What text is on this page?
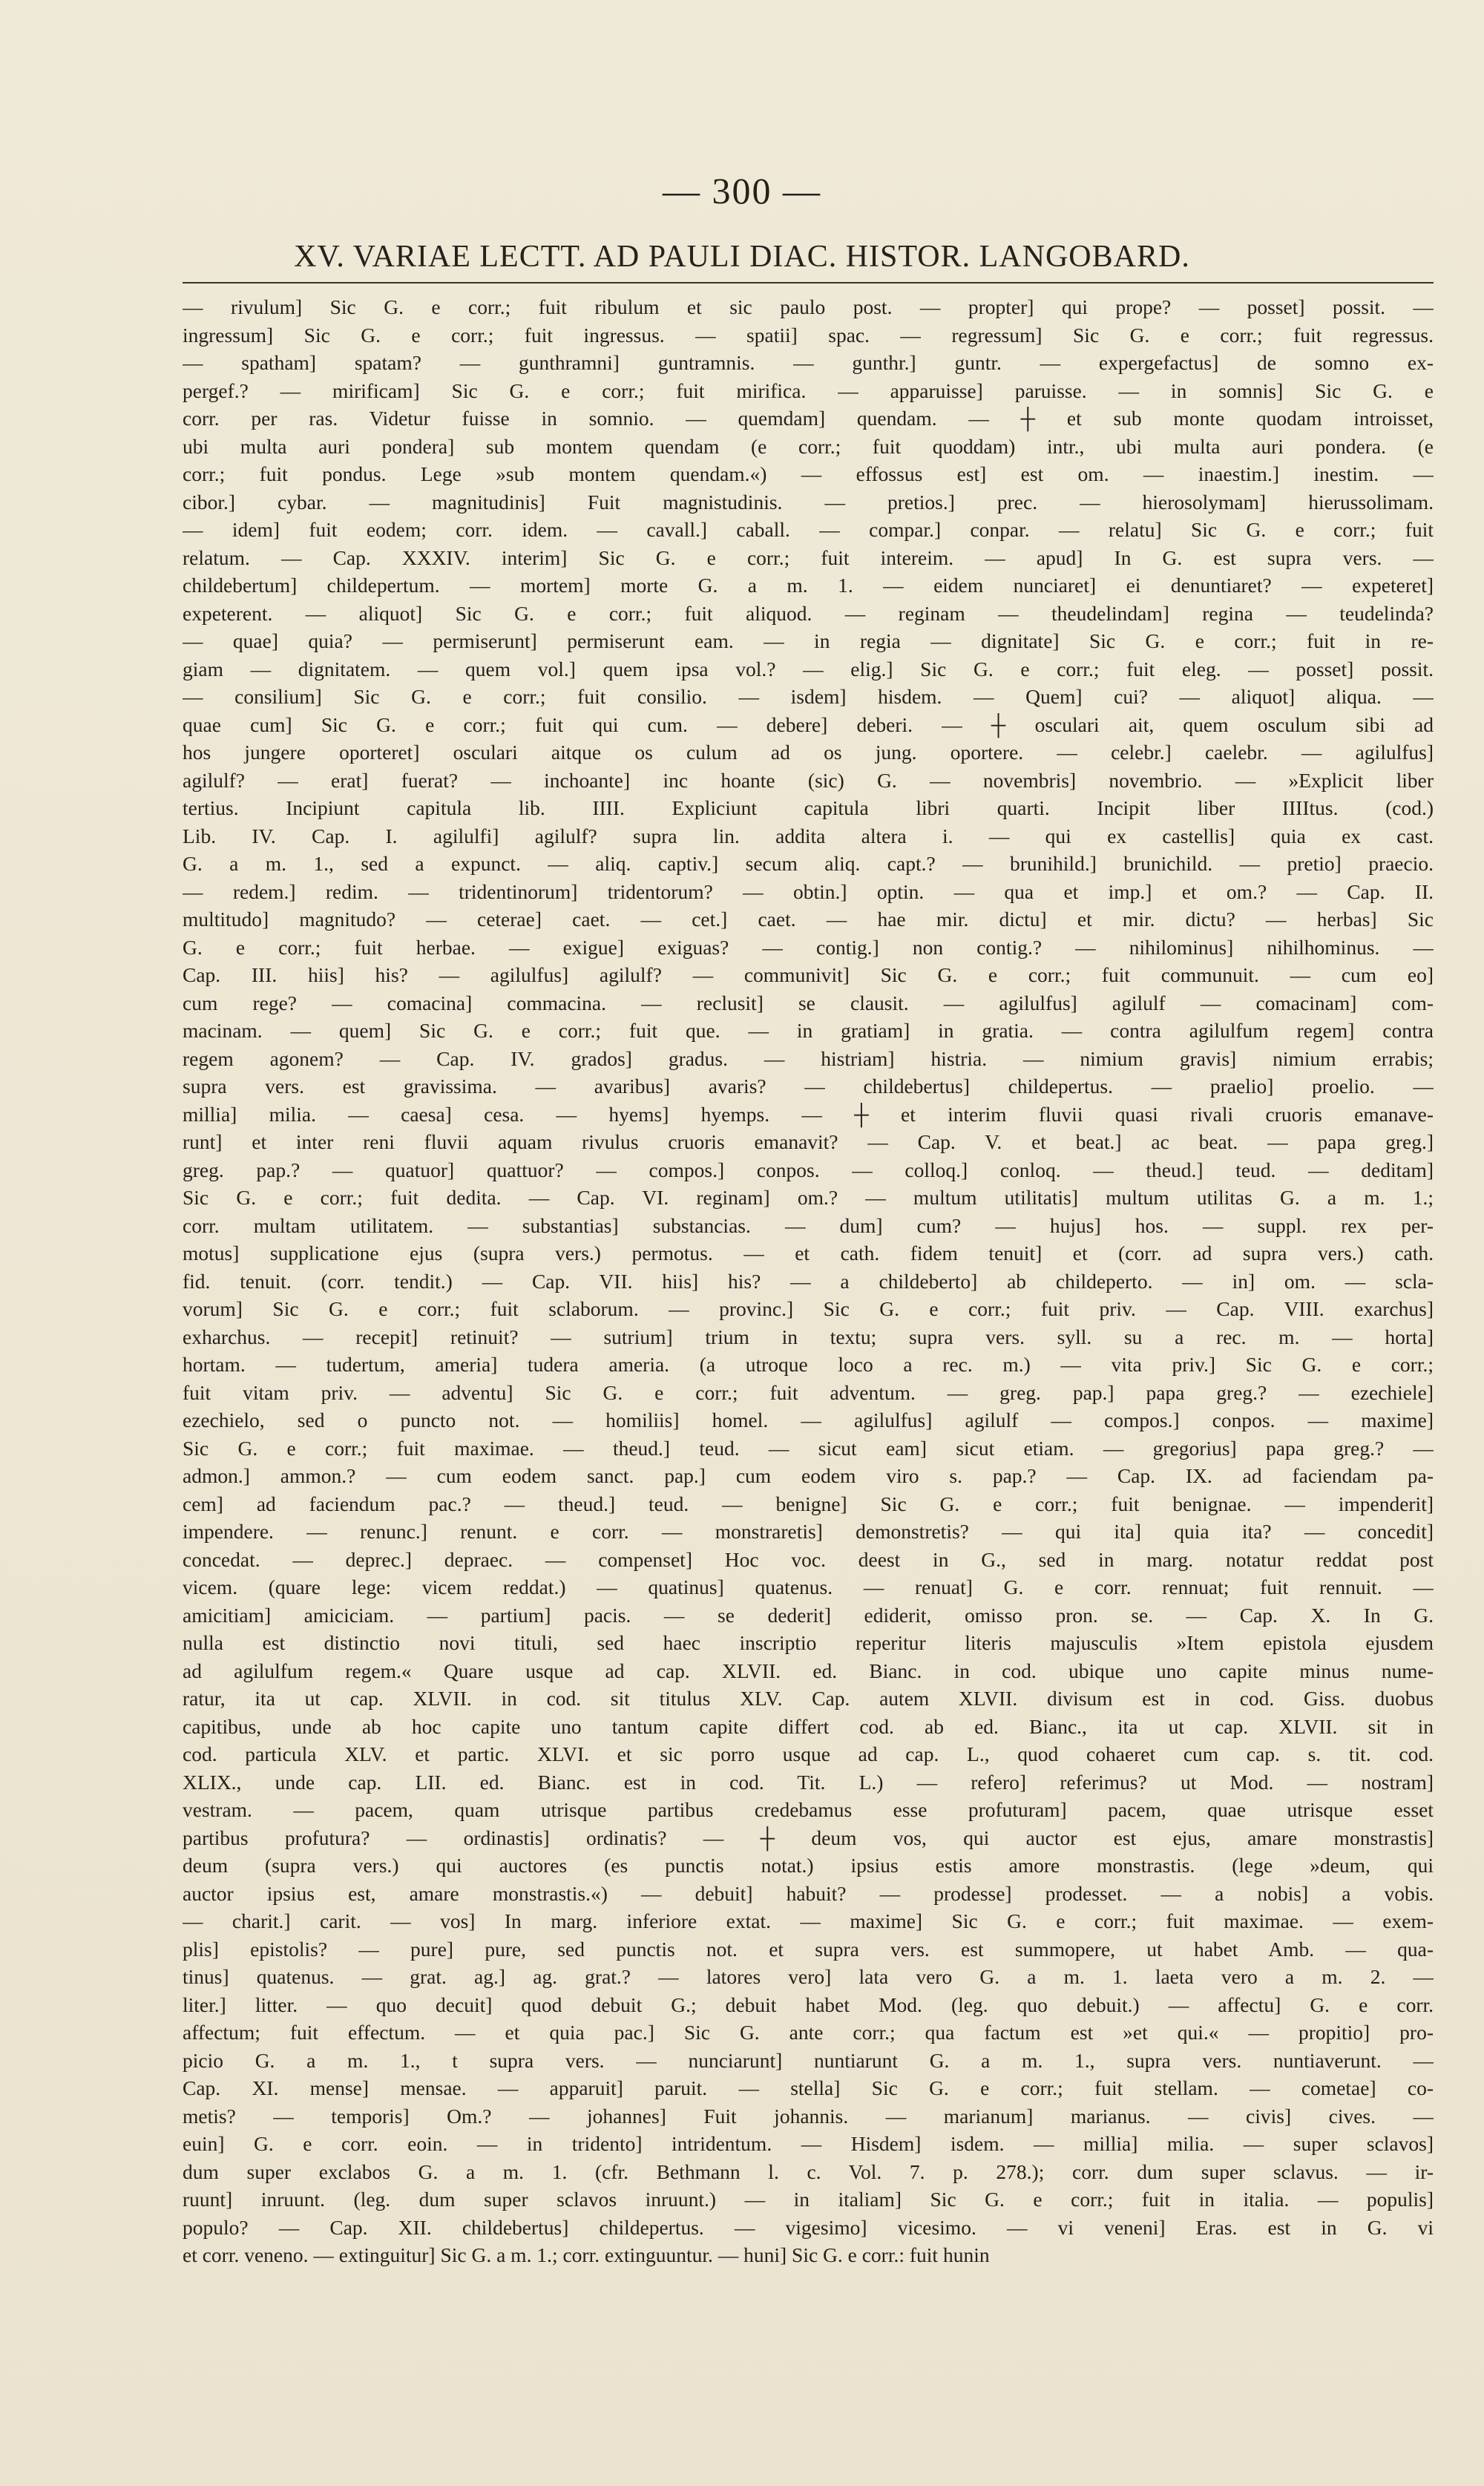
— 300 —
XV. VARIAE LECTT. AD PAULI DIAC. HISTOR. LANGOBARD.
— rivulum] Sic G. e corr.; fuit ribulum et sic paulo post. — propter] qui prope? — posset] possit. —
ingressum] Sic G. e corr.; fuit ingressus. — spatii] spac. — regressum] Sic G. e corr.; fuit regressus.
— spatham] spatam? — gunthramni] guntramnis. — gunthr.] guntr. — expergefactus] de somno ex-
pergef.? — mirificam] Sic G. e corr.; fuit mirifica. — apparuisse] paruisse. — in somnis] Sic G. e
corr. per ras. Videtur fuisse in somnio. — quemdam] quendam. — ┼ et sub monte quodam introisset,
ubi multa auri pondera] sub montem quendam (e corr.; fuit quoddam) intr., ubi multa auri pondera. (e
corr.; fuit pondus. Lege »sub montem quendam.«) — effossus est] est om. — inaestim.] inestim. —
cibor.] cybar. — magnitudinis] Fuit magnistudinis. — pretios.] prec. — hierosolymam] hierussolimam.
— idem] fuit eodem; corr. idem. — cavall.] caball. — compar.] conpar. — relatu] Sic G. e corr.; fuit
relatum. — Cap. XXXIV. interim] Sic G. e corr.; fuit intereim. — apud] In G. est supra vers. —
childebertum] childepertum. — mortem] morte G. a m. 1. — eidem nunciaret] ei denuntiaret? — expeteret]
expeterent. — aliquot] Sic G. e corr.; fuit aliquod. — reginam — theudelindam] regina — teudelinda?
— quae] quia? — permiserunt] permiserunt eam. — in regia — dignitate] Sic G. e corr.; fuit in re-
giam — dignitatem. — quem vol.] quem ipsa vol.? — elig.] Sic G. e corr.; fuit eleg. — posset] possit.
— consilium] Sic G. e corr.; fuit consilio. — isdem] hisdem. — Quem] cui? — aliquot] aliqua. —
quae cum] Sic G. e corr.; fuit qui cum. — debere] deberi. — ┼ osculari ait, quem osculum sibi ad
hos jungere oporteret] osculari aitque os culum ad os jung. oportere. — celebr.] caelebr. — agilulfus]
agilulf? — erat] fuerat? — inchoante] inc hoante (sic) G. — novembris] novembrio. — »Explicit liber
tertius. Incipiunt capitula lib. IIII. Expliciunt capitula libri quarti. Incipit liber IIIItus. (cod.)
Lib. IV. Cap. I. agilulfi] agilulf? supra lin. addita altera i. — qui ex castellis] quia ex cast.
G. a m. 1., sed a expunct. — aliq. captiv.] secum aliq. capt.? — brunihild.] brunichild. — pretio] praecio.
— redem.] redim. — tridentinorum] tridentorum? — obtin.] optin. — qua et imp.] et om.? — Cap. II.
multitudo] magnitudo? — ceterae] caet. — cet.] caet. — hae mir. dictu] et mir. dictu? — herbas] Sic
G. e corr.; fuit herbae. — exigue] exiguas? — contig.] non contig.? — nihilominus] nihilhominus. —
Cap. III. hiis] his? — agilulfus] agilulf? — communivit] Sic G. e corr.; fuit communuit. — cum eo]
cum rege? — comacina] commacina. — reclusit] se clausit. — agilulfus] agilulf — comacinam] com-
macinam. — quem] Sic G. e corr.; fuit que. — in gratiam] in gratia. — contra agilulfum regem] contra
regem agonem? — Cap. IV. grados] gradus. — histriam] histria. — nimium gravis] nimium errabis;
supra vers. est gravissima. — avaribus] avaris? — childebertus] childepertus. — praelio] proelio. —
millia] milia. — caesa] cesa. — hyems] hyemps. — ┼ et interim fluvii quasi rivali cruoris emanave-
runt] et inter reni fluvii aquam rivulus cruoris emanavit? — Cap. V. et beat.] ac beat. — papa greg.]
greg. pap.? — quatuor] quattuor? — compos.] conpos. — colloq.] conloq. — theud.] teud. — deditam]
Sic G. e corr.; fuit dedita. — Cap. VI. reginam] om.? — multum utilitatis] multum utilitas G. a m. 1.;
corr. multam utilitatem. — substantias] substancias. — dum] cum? — hujus] hos. — suppl. rex per-
motus] supplicatione ejus (supra vers.) permotus. — et cath. fidem tenuit] et (corr. ad supra vers.) cath.
fid. tenuit. (corr. tendit.) — Cap. VII. hiis] his? — a childeberto] ab childeperto. — in] om. — scla-
vorum] Sic G. e corr.; fuit sclaborum. — provinc.] Sic G. e corr.; fuit priv. — Cap. VIII. exarchus]
exharchus. — recepit] retinuit? — sutrium] trium in textu; supra vers. syll. su a rec. m. — horta]
hortam. — tudertum, ameria] tudera ameria. (a utroque loco a rec. m.) — vita priv.] Sic G. e corr.;
fuit vitam priv. — adventu] Sic G. e corr.; fuit adventum. — greg. pap.] papa greg.? — ezechiele]
ezechielo, sed o puncto not. — homiliis] homel. — agilulfus] agilulf — compos.] conpos. — maxime]
Sic G. e corr.; fuit maximae. — theud.] teud. — sicut eam] sicut etiam. — gregorius] papa greg.? —
admon.] ammon.? — cum eodem sanct. pap.] cum eodem viro s. pap.? — Cap. IX. ad faciendam pa-
cem] ad faciendum pac.? — theud.] teud. — benigne] Sic G. e corr.; fuit benignae. — impenderit]
impendere. — renunc.] renunt. e corr. — monstraretis] demonstretis? — qui ita] quia ita? — concedit]
concedat. — deprec.] depraec. — compenset] Hoc voc. deest in G., sed in marg. notatur reddat post
vicem. (quare lege: vicem reddat.) — quatinus] quatenus. — renuat] G. e corr. rennuat; fuit rennuit. —
amicitiam] amiciciam. — partium] pacis. — se dederit] ediderit, omisso pron. se. — Cap. X. In G.
nulla est distinctio novi tituli, sed haec inscriptio reperitur literis majusculis »Item epistola ejusdem
ad agilulfum regem.« Quare usque ad cap. XLVII. ed. Bianc. in cod. ubique uno capite minus nume-
ratur, ita ut cap. XLVII. in cod. sit titulus XLV. Cap. autem XLVII. divisum est in cod. Giss. duobus
capitibus, unde ab hoc capite uno tantum capite differt cod. ab ed. Bianc., ita ut cap. XLVII. sit in
cod. particula XLV. et partic. XLVI. et sic porro usque ad cap. L., quod cohaeret cum cap. s. tit. cod.
XLIX., unde cap. LII. ed. Bianc. est in cod. Tit. L.) — refero] referimus? ut Mod. — nostram]
vestram. — pacem, quam utrisque partibus credebamus esse profuturam] pacem, quae utrisque esset
partibus profutura? — ordinastis] ordinatis? — ┼ deum vos, qui auctor est ejus, amare monstrastis]
deum (supra vers.) qui auctores (es punctis notat.) ipsius estis amore monstrastis. (lege »deum, qui
auctor ipsius est, amare monstrastis.«) — debuit] habuit? — prodesse] prodesset. — a nobis] a vobis.
— charit.] carit. — vos] In marg. inferiore extat. — maxime] Sic G. e corr.; fuit maximae. — exem-
plis] epistolis? — pure] pure, sed punctis not. et supra vers. est summopere, ut habet Amb. — qua-
tinus] quatenus. — grat. ag.] ag. grat.? — latores vero] lata vero G. a m. 1. laeta vero a m. 2. —
liter.] litter. — quo decuit] quod debuit G.; debuit habet Mod. (leg. quo debuit.) — affectu] G. e corr.
affectum; fuit effectum. — et quia pac.] Sic G. ante corr.; qua factum est »et qui.« — propitio] pro-
picio G. a m. 1., t supra vers. — nunciarunt] nuntiarunt G. a m. 1., supra vers. nuntiaverunt. —
Cap. XI. mense] mensae. — apparuit] paruit. — stella] Sic G. e corr.; fuit stellam. — cometae] co-
metis? — temporis] Om.? — johannes] Fuit johannis. — marianum] marianus. — civis] cives. —
euin] G. e corr. eoin. — in tridento] intridentum. — Hisdem] isdem. — millia] milia. — super sclavos]
dum super exclabos G. a m. 1. (cfr. Bethmann l. c. Vol. 7. p. 278.); corr. dum super sclavus. — ir-
ruunt] inruunt. (leg. dum super sclavos inruunt.) — in italiam] Sic G. e corr.; fuit in italia. — populis]
populo? — Cap. XII. childebertus] childepertus. — vigesimo] vicesimo. — vi veneni] Eras. est in G. vi
et corr. veneno. — extinguitur] Sic G. a m. 1.; corr. extinguuntur. — huni] Sic G. e corr.: fuit hunin
